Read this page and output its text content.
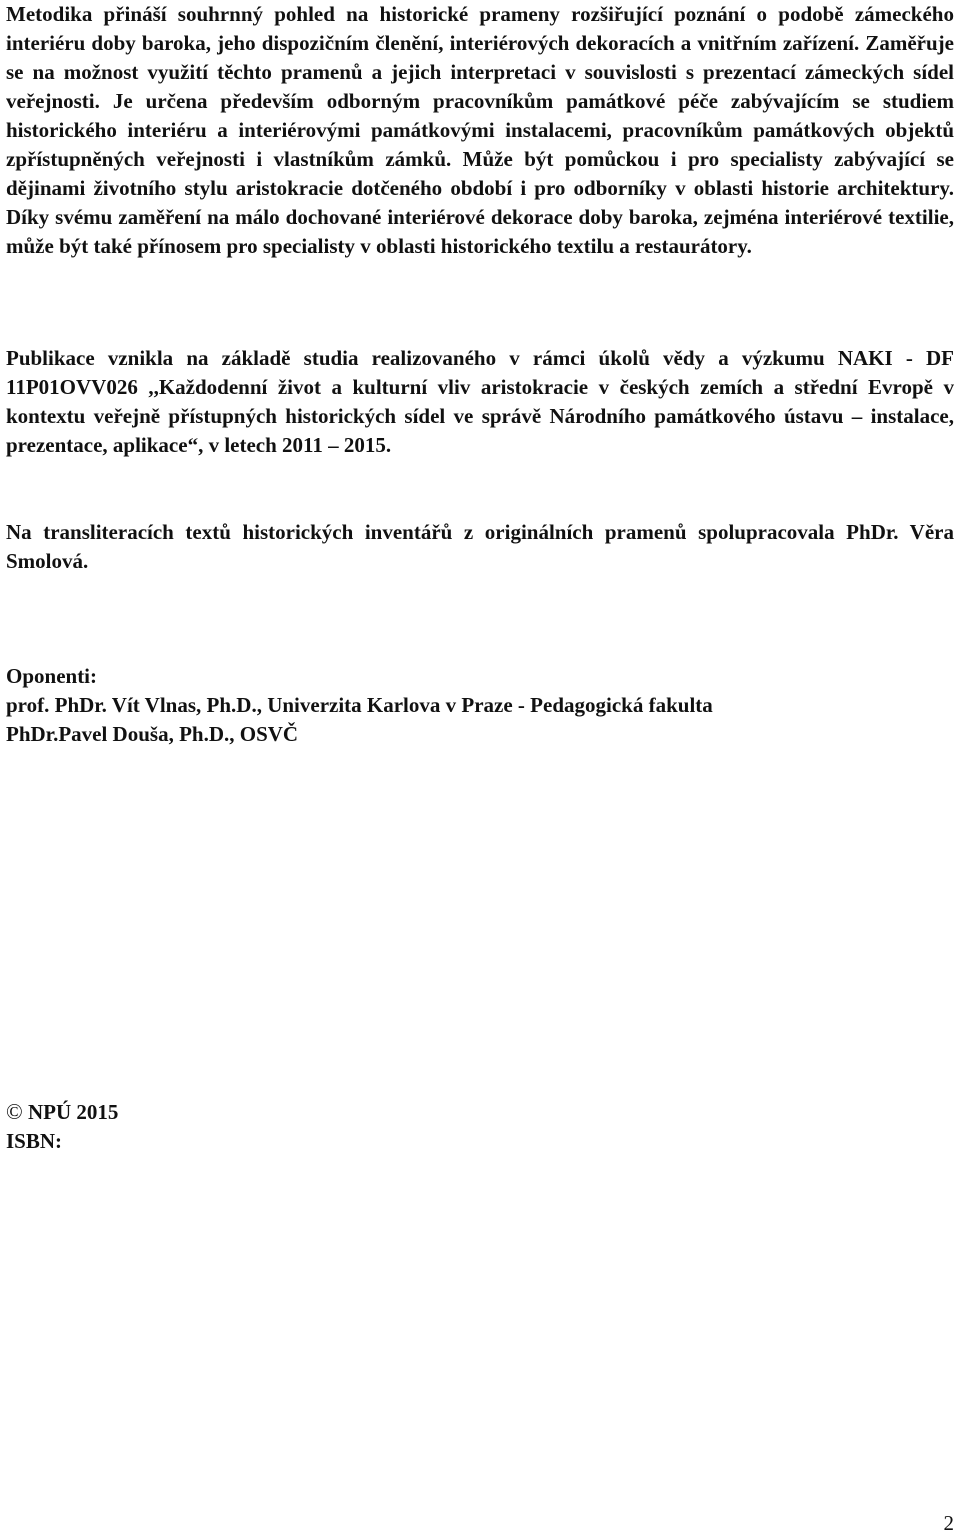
Metodika přináší souhrnný pohled na historické prameny rozšiřující poznání o podobě zámeckého interiéru doby baroka, jeho dispozičním členění, interiérových dekoracích a vnitřním zařízení. Zaměřuje se na možnost využití těchto pramenů a jejich interpretaci v souvislosti s prezentací zámeckých sídel veřejnosti. Je určena především odborným pracovníkům památkové péče zabývajícím se studiem historického interiéru a interiérovými památkovými instalacemi, pracovníkům památkových objektů zpřístupněných veřejnosti i vlastníkům zámků. Může být pomůckou i pro specialisty zabývající se dějinami životního stylu aristokracie dotčeného období i pro odborníky v oblasti historie architektury. Díky svému zaměření na málo dochované interiérové dekorace doby baroka, zejména interiérové textilie, může být také přínosem pro specialisty v oblasti historického textilu a restaurátory.

Publikace vznikla na základě studia realizovaného v rámci úkolů vědy a výzkumu NAKI - DF 11P01OVV026 ,,Každodenní život a kulturní vliv aristokracie v českých zemích a střední Evropě v kontextu veřejně přístupných historických sídel ve správě Národního památkového ústavu – instalace, prezentace, aplikace“, v letech 2011 – 2015.

Na transliteracích textů historických inventářů z originálních pramenů spolupracovala PhDr. Věra Smolová.

Oponenti:
prof. PhDr. Vít Vlnas, Ph.D., Univerzita Karlova v Praze - Pedagogická fakulta
PhDr.Pavel Douša, Ph.D., OSVČ
© NPÚ 2015
ISBN:
2
